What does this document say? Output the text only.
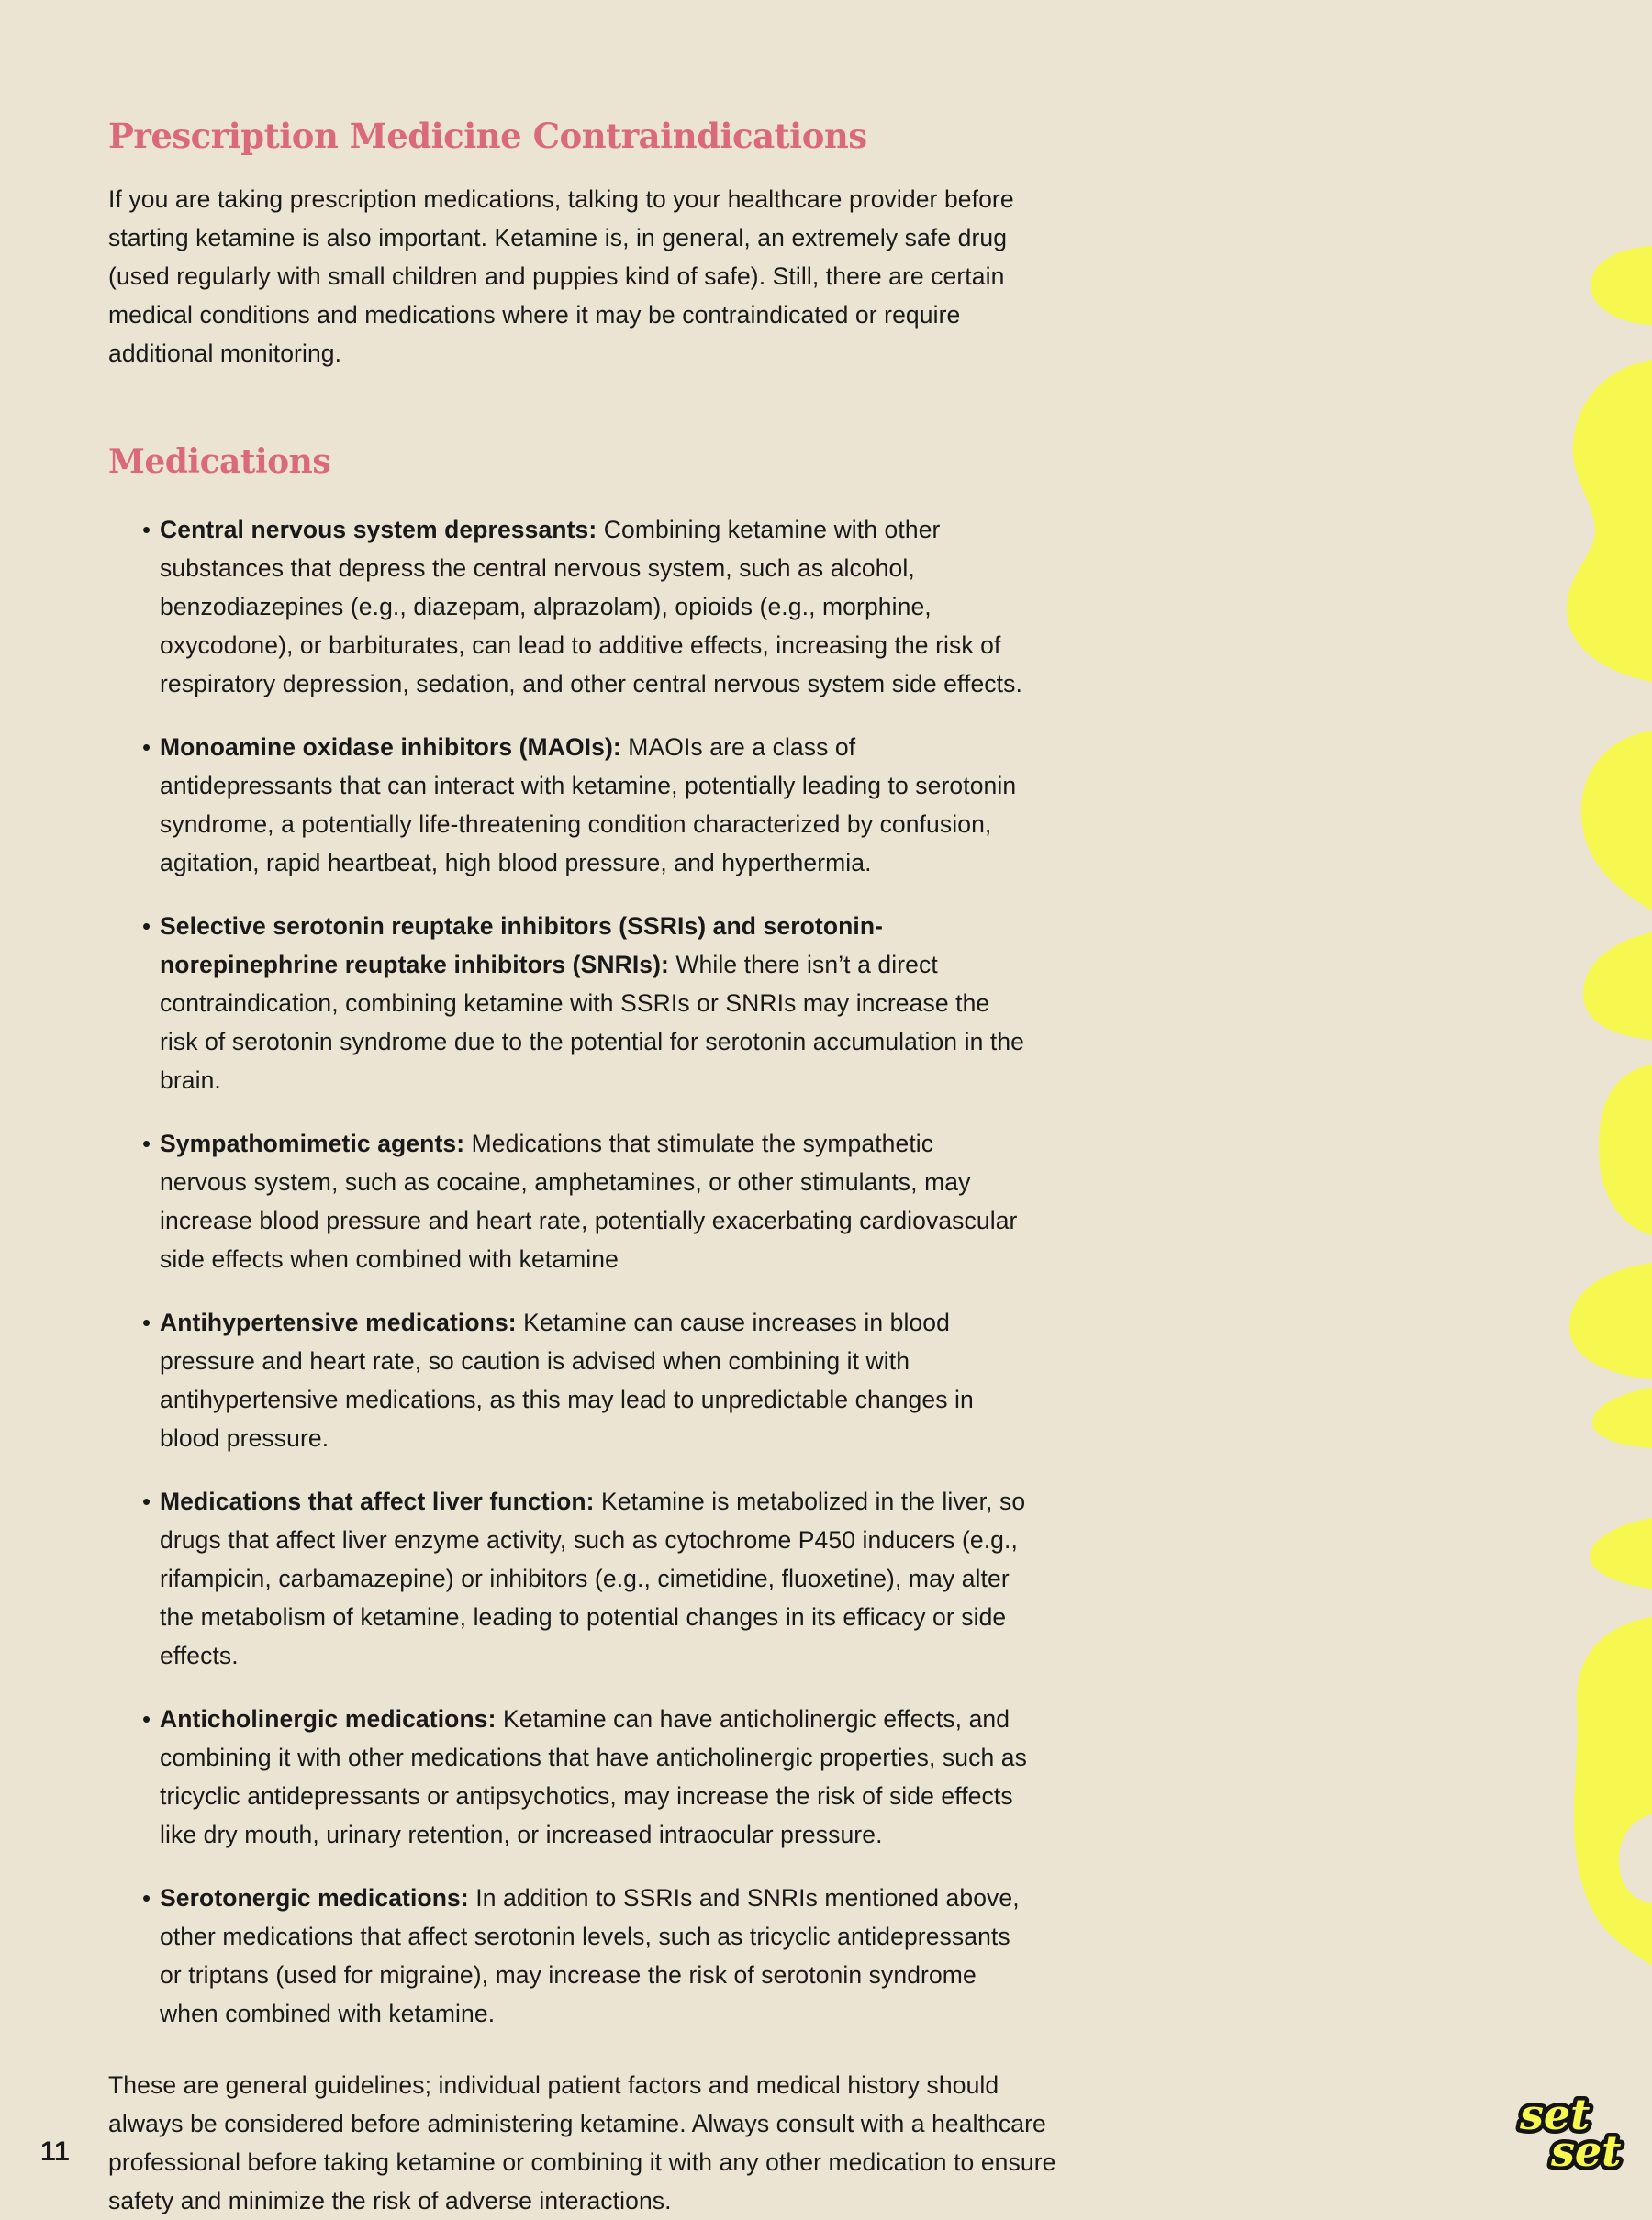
Prescription Medicine Contraindications

If you are taking prescription medications, talking to your healthcare provider before starting ketamine is also important. Ketamine is, in general, an extremely safe drug (used regularly with small children and puppies kind of safe). Still, there are certain medical conditions and medications where it may be contraindicated or require additional monitoring.

Medications
• Central nervous system depressants: Combining ketamine with other substances that depress the central nervous system, such as alcohol, benzodiazepines (e.g., diazepam, alprazolam), opioids (e.g., morphine, oxycodone), or barbiturates, can lead to additive effects, increasing the risk of respiratory depression, sedation, and other central nervous system side effects.
• Monoamine oxidase inhibitors (MAOIs): MAOIs are a class of antidepressants that can interact with ketamine, potentially leading to serotonin syndrome, a potentially life-threatening condition characterized by confusion, agitation, rapid heartbeat, high blood pressure, and hyperthermia.
• Selective serotonin reuptake inhibitors (SSRIs) and serotonin-norepinephrine reuptake inhibitors (SNRIs): While there isn’t a direct contraindication, combining ketamine with SSRIs or SNRIs may increase the risk of serotonin syndrome due to the potential for serotonin accumulation in the brain.
• Sympathomimetic agents: Medications that stimulate the sympathetic nervous system, such as cocaine, amphetamines, or other stimulants, may increase blood pressure and heart rate, potentially exacerbating cardiovascular side effects when combined with ketamine
• Antihypertensive medications: Ketamine can cause increases in blood pressure and heart rate, so caution is advised when combining it with antihypertensive medications, as this may lead to unpredictable changes in blood pressure.
• Medications that affect liver function: Ketamine is metabolized in the liver, so drugs that affect liver enzyme activity, such as cytochrome P450 inducers (e.g., rifampicin, carbamazepine) or inhibitors (e.g., cimetidine, fluoxetine), may alter the metabolism of ketamine, leading to potential changes in its efficacy or side effects.
• Anticholinergic medications: Ketamine can have anticholinergic effects, and combining it with other medications that have anticholinergic properties, such as tricyclic antidepressants or antipsychotics, may increase the risk of side effects like dry mouth, urinary retention, or increased intraocular pressure.
• Serotonergic medications: In addition to SSRIs and SNRIs mentioned above, other medications that affect serotonin levels, such as tricyclic antidepressants or triptans (used for migraine), may increase the risk of serotonin syndrome when combined with ketamine.

These are general guidelines; individual patient factors and medical history should always be considered before administering ketamine. Always consult with a healthcare professional before taking ketamine or combining it with any other medication to ensure safety and minimize the risk of adverse interactions.

11
set
set
